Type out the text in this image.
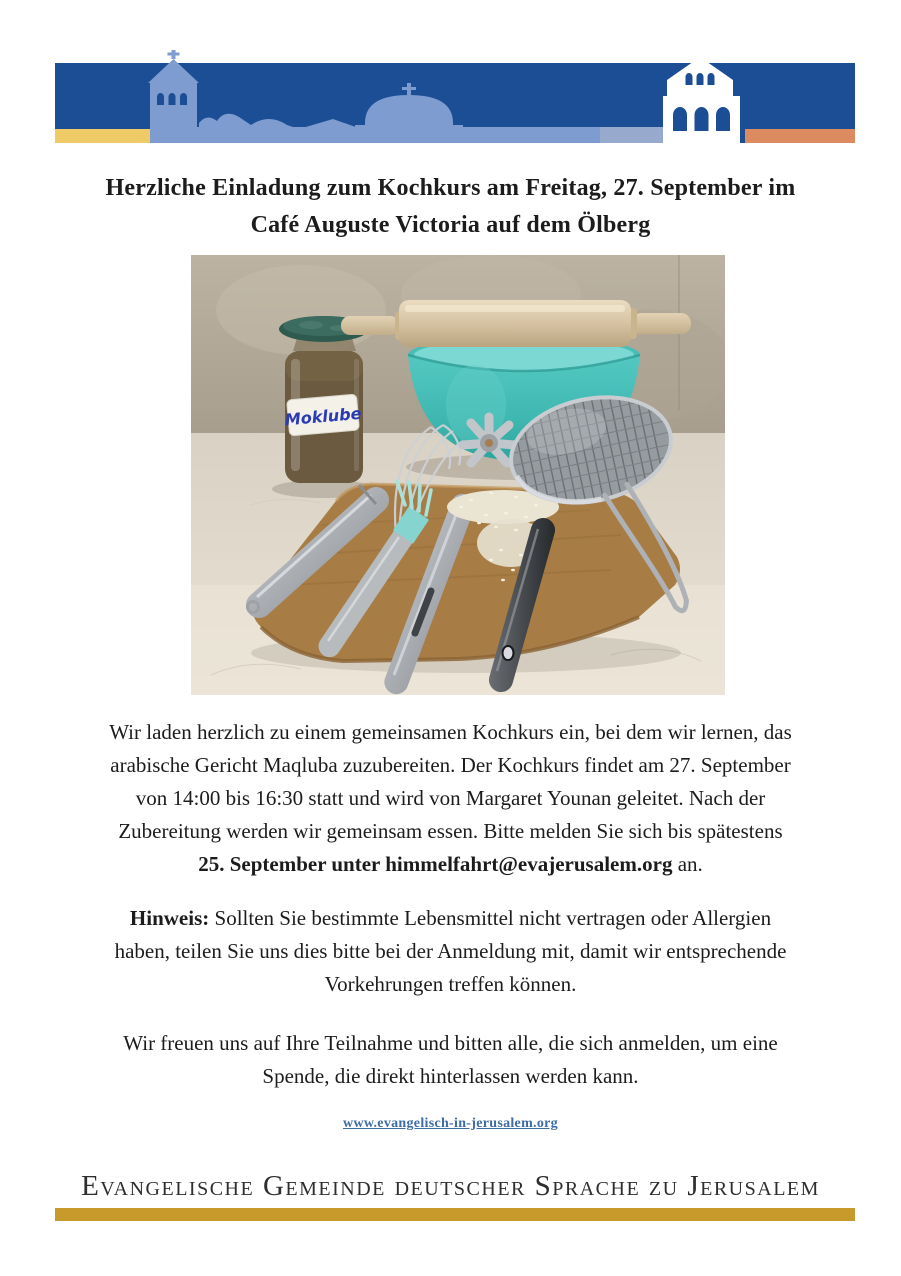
Herzliche Einladung zum Kochkurs am Freitag, 27. September im
Café Auguste Victoria auf dem Ölberg
Moklube
Wir laden herzlich zu einem gemeinsamen Kochkurs ein, bei dem wir lernen, das
arabische Gericht Maqluba zuzubereiten. Der Kochkurs findet am 27. September
von 14:00 bis 16:30 statt und wird von Margaret Younan geleitet. Nach der
Zubereitung werden wir gemeinsam essen. Bitte melden Sie sich bis spätestens
25. September unter himmelfahrt@evajerusalem.org an.
Hinweis: Sollten Sie bestimmte Lebensmittel nicht vertragen oder Allergien
haben, teilen Sie uns dies bitte bei der Anmeldung mit, damit wir entsprechende
Vorkehrungen treffen können.
Wir freuen uns auf Ihre Teilnahme und bitten alle, die sich anmelden, um eine
Spende, die direkt hinterlassen werden kann.
www.evangelisch-in-jerusalem.org
Evangelische Gemeinde deutscher Sprache zu Jerusalem
